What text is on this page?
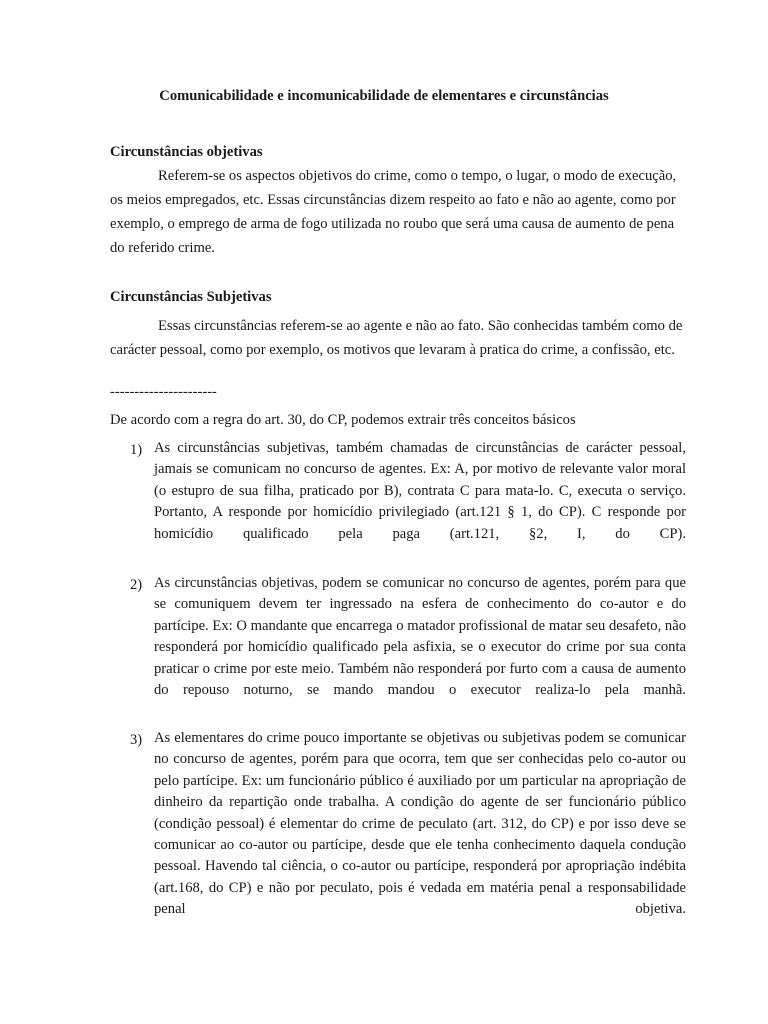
Comunicabilidade e incomunicabilidade de elementares e circunstâncias
Circunstâncias objetivas

Referem-se os aspectos objetivos do crime, como o tempo, o lugar, o modo de execução, os meios empregados, etc. Essas circunstâncias dizem respeito ao fato e não ao agente, como por exemplo, o emprego de arma de fogo utilizada no roubo que será uma causa de aumento de pena do referido crime.

Circunstâncias Subjetivas

Essas circunstâncias referem-se ao agente e não ao fato. São conhecidas também como de carácter pessoal, como por exemplo, os motivos que levaram à pratica do crime, a confissão, etc.

----------------------
De acordo com a regra do art. 30, do CP, podemos extrair três conceitos básicos
1) As circunstâncias subjetivas, também chamadas de circunstâncias de carácter pessoal, jamais se comunicam no concurso de agentes. Ex: A, por motivo de relevante valor moral (o estupro de sua filha, praticado por B), contrata C para mata-lo. C, executa o serviço. Portanto, A responde por homicídio privilegiado (art.121 § 1, do CP). C responde por homicídio qualificado pela paga (art.121, §2, I, do CP).
2) As circunstâncias objetivas, podem se comunicar no concurso de agentes, porém para que se comuniquem devem ter ingressado na esfera de conhecimento do co-autor e do partícipe. Ex: O mandante que encarrega o matador profissional de matar seu desafeto, não responderá por homicídio qualificado pela asfixia, se o executor do crime por sua conta praticar o crime por este meio. Também não responderá por furto com a causa de aumento do repouso noturno, se mando mandou o executor realiza-lo pela manhã.
3) As elementares do crime pouco importante se objetivas ou subjetivas podem se comunicar no concurso de agentes, porém para que ocorra, tem que ser conhecidas pelo co-autor ou pelo partícipe. Ex: um funcionário público é auxiliado por um particular na apropriação de dinheiro da repartição onde trabalha. A condição do agente de ser funcionário público (condição pessoal) é elementar do crime de peculato (art. 312, do CP) e por isso deve se comunicar ao co-autor ou partícipe, desde que ele tenha conhecimento daquela condução pessoal. Havendo tal ciência, o co-autor ou partícipe, responderá por apropriação indébita (art.168, do CP) e não por peculato, pois é vedada em matéria penal a responsabilidade penal objetiva.
